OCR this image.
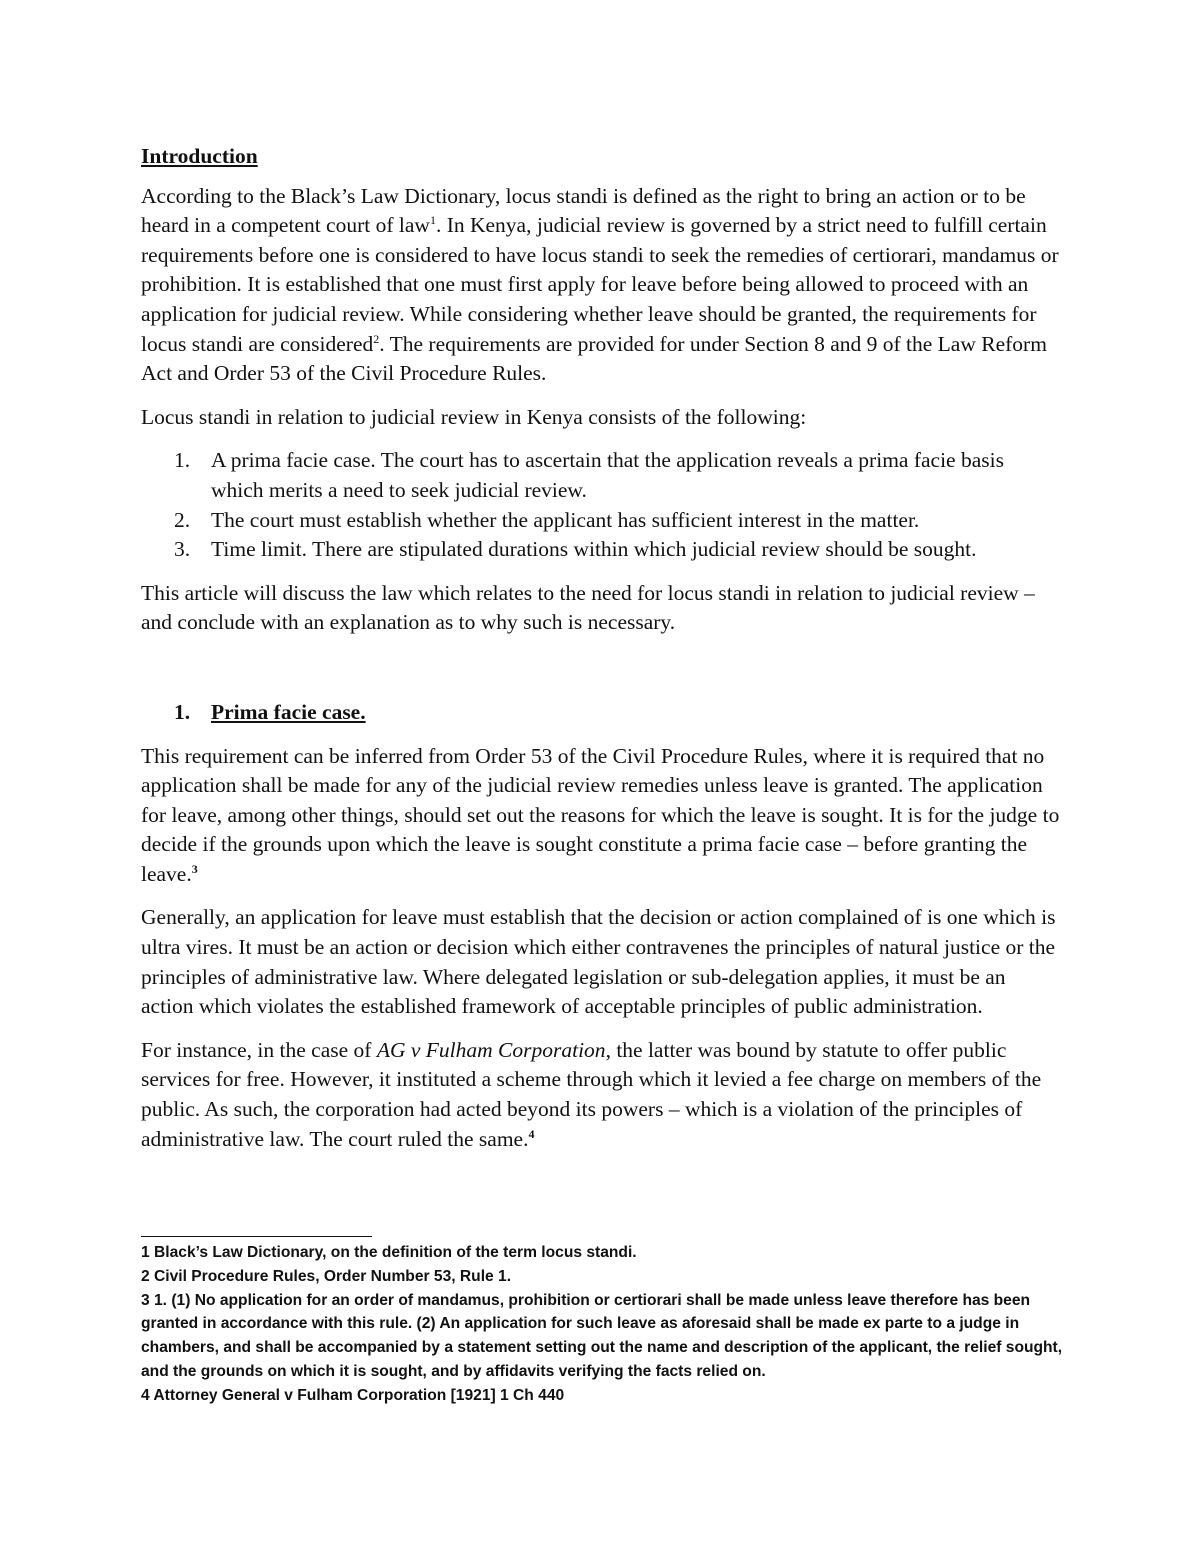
Introduction

According to the Black’s Law Dictionary, locus standi is defined as the right to bring an action or to be heard in a competent court of law$^1$. In Kenya, judicial review is governed by a strict need to fulfill certain requirements before one is considered to have locus standi to seek the remedies of certiorari, mandamus or prohibition. It is established that one must first apply for leave before being allowed to proceed with an application for judicial review. While considering whether leave should be granted, the requirements for locus standi are considered$^2$. The requirements are provided for under Section 8 and 9 of the Law Reform Act and Order 53 of the Civil Procedure Rules.

Locus standi in relation to judicial review in Kenya consists of the following:

1. A prima facie case. The court has to ascertain that the application reveals a prima facie basis which merits a need to seek judicial review.
2. The court must establish whether the applicant has sufficient interest in the matter.
3. Time limit. There are stipulated durations within which judicial review should be sought.

This article will discuss the law which relates to the need for locus standi in relation to judicial review – and conclude with an explanation as to why such is necessary.

1. Prima facie case.

This requirement can be inferred from Order 53 of the Civil Procedure Rules, where it is required that no application shall be made for any of the judicial review remedies unless leave is granted. The application for leave, among other things, should set out the reasons for which the leave is sought. It is for the judge to decide if the grounds upon which the leave is sought constitute a prima facie case – before granting the leave.$^3$

Generally, an application for leave must establish that the decision or action complained of is one which is ultra vires. It must be an action or decision which either contravenes the principles of natural justice or the principles of administrative law. Where delegated legislation or sub-delegation applies, it must be an action which violates the established framework of acceptable principles of public administration.

For instance, in the case of AG v Fulham Corporation, the latter was bound by statute to offer public services for free. However, it instituted a scheme through which it levied a fee charge on members of the public. As such, the corporation had acted beyond its powers – which is a violation of the principles of administrative law. The court ruled the same.$^4$

1 Black’s Law Dictionary, on the definition of the term locus standi.

2 Civil Procedure Rules, Order Number 53, Rule 1.

3 1. (1) No application for an order of mandamus, prohibition or certiorari shall be made unless leave therefore has been granted in accordance with this rule. (2) An application for such leave as aforesaid shall be made ex parte to a judge in chambers, and shall be accompanied by a statement setting out the name and description of the applicant, the relief sought, and the grounds on which it is sought, and by affidavits verifying the facts relied on.

4 Attorney General v Fulham Corporation [1921] 1 Ch 440
